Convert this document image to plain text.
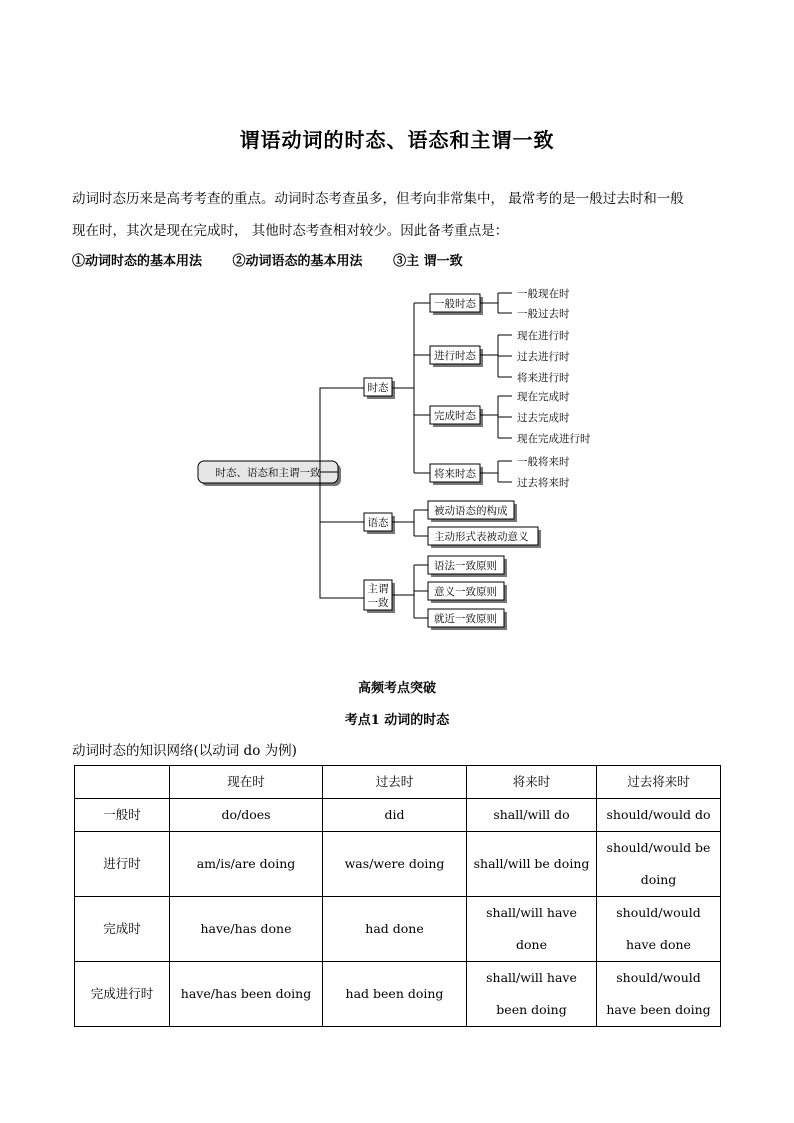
谓语动词的时态、语态和主谓一致
动词时态历来是高考考查的重点。动词时态考查虽多，但考向非常集中， 最常考的是一般过去时和一般
现在时，其次是现在完成时， 其他时态考查相对较少。因此备考重点是：
①动词时态的基本用法 ②动词语态的基本用法 ③主 谓一致
时态、语态和主谓一致
时态
一般时态
一般现在时
一般过去时
进行时态
现在进行时
过去进行时
将来进行时
完成时态
现在完成时
过去完成时
现在完成进行时
将来时态
一般将来时
过去将来时
语态
被动语态的构成
主动形式表被动意义
主谓
一致
语法一致原则
意义一致原则
就近一致原则
高频考点突破
考点1 动词的时态
动词时态的知识网络(以动词 do 为例)
	现在时	过去时	将来时	过去将来时
一般时	do/does	did	shall/will do	should/would do
进行时	am/is/are doing	was/were doing	shall/will be doing	should/would be doing
完成时	have/has done	had done	shall/will have done	should/would have done
完成进行时	have/has been doing	had been doing	shall/will have been doing	should/would have been doing
